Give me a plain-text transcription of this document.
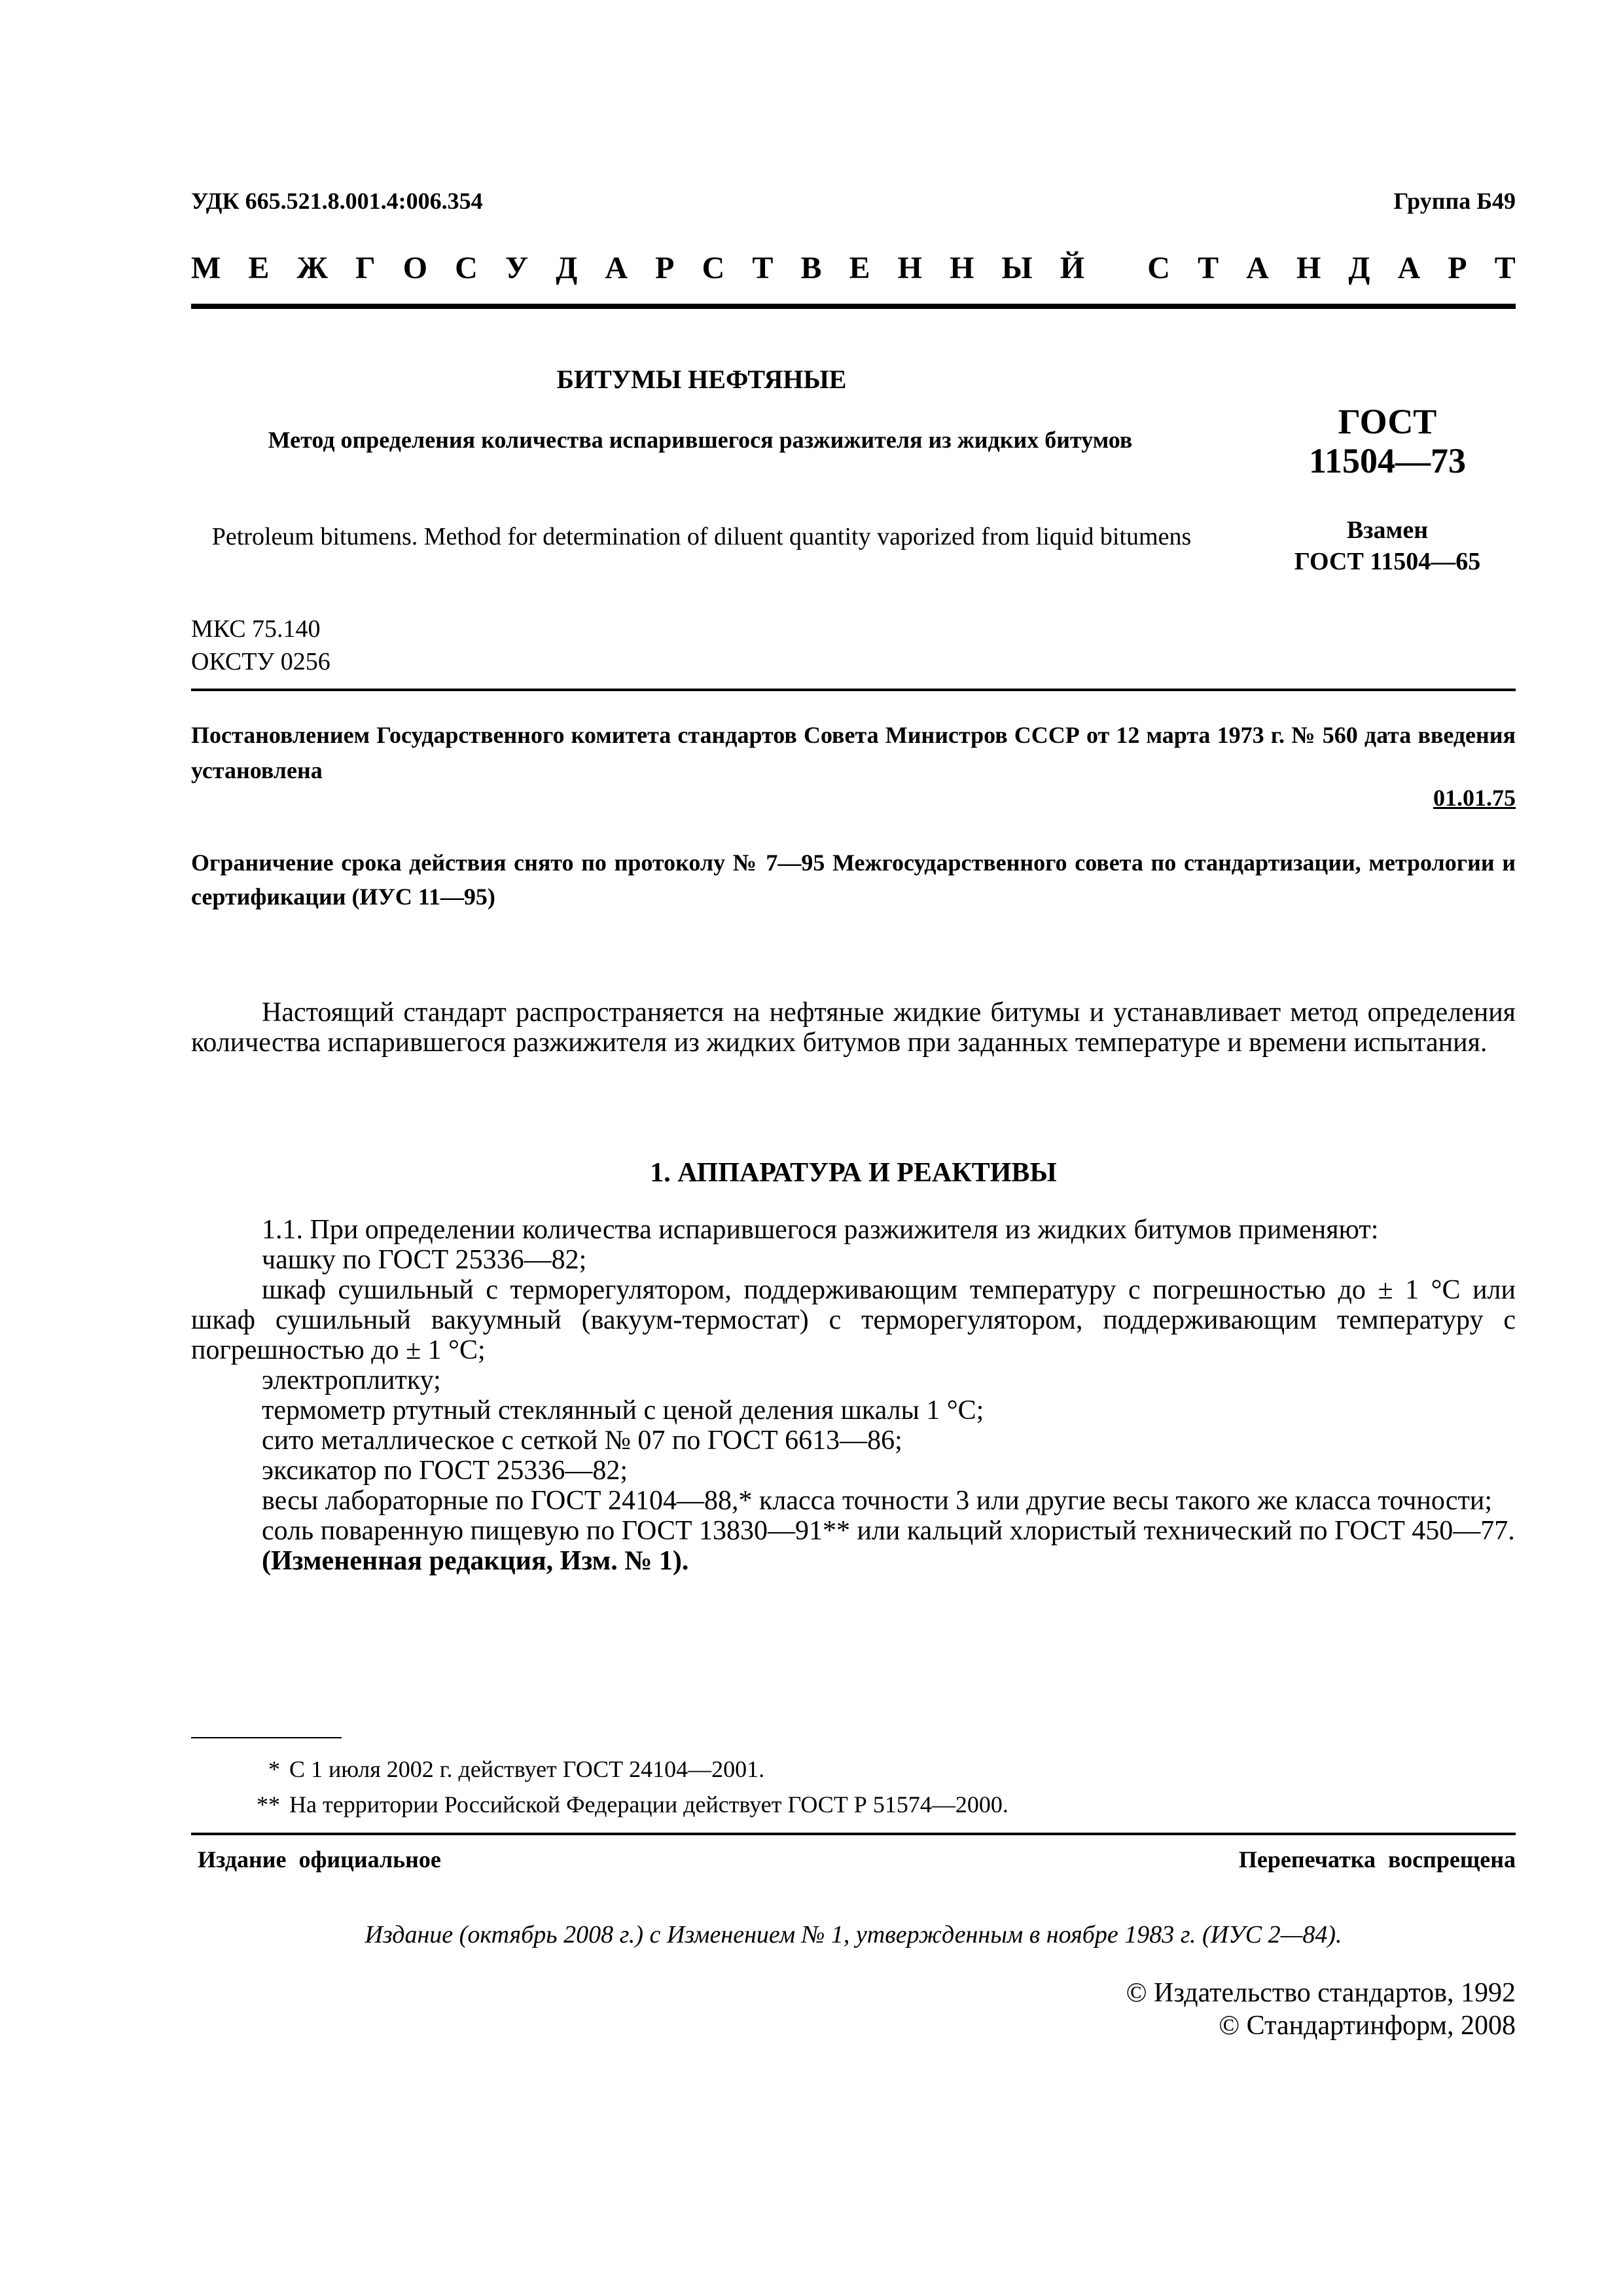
УДК 665.521.8.001.4:006.354	Группа Б49
М Е Ж Г О С У Д А Р С Т В Е Н Н Ы Й
С Т А Н Д А Р Т
БИТУМЫ НЕФТЯНЫЕ
Метод определения количества испарившегося разжижителя из жидких битумов
Petroleum bitumens. Method for determination of diluent quantity vaporized from liquid bitumens
ГОСТ
11504—73
Взамен
ГОСТ 11504—65
МКС 75.140
ОКСТУ 0256
Постановлением Государственного комитета стандартов Совета Министров СССР от 12 марта 1973 г. № 560 дата введения установлена
01.01.75
Ограничение срока действия снято по протоколу № 7—95 Межгосударственного совета по стандартизации, метрологии и сертификации (ИУС 11—95)
Настоящий стандарт распространяется на нефтяные жидкие битумы и устанавливает метод определения количества испарившегося разжижителя из жидких битумов при заданных температуре и времени испытания.
1. АППАРАТУРА И РЕАКТИВЫ

1.1. При определении количества испарившегося разжижителя из жидких битумов применяют:

чашку по ГОСТ 25336—82;

шкаф сушильный с терморегулятором, поддерживающим температуру с погрешностью до ± 1 °С или шкаф сушильный вакуумный (вакуум-термостат) с терморегулятором, поддерживающим температуру с погрешностью до ± 1 °С;

электроплитку;

термометр ртутный стеклянный с ценой деления шкалы 1 °С;

сито металлическое с сеткой № 07 по ГОСТ 6613—86;

эксикатор по ГОСТ 25336—82;

весы лабораторные по ГОСТ 24104—88,* класса точности 3 или другие весы такого же класса точности;

соль поваренную пищевую по ГОСТ 13830—91** или кальций хлористый технический по ГОСТ 450—77.

(Измененная редакция, Изм. № 1).

* С 1 июля 2002 г. действует ГОСТ 24104—2001.

** На территории Российской Федерации действует ГОСТ Р 51574—2000.

Издание официальное	Перепечатка воспрещена
Издание (октябрь 2008 г.) с Изменением № 1, утвержденным в ноябре 1983 г. (ИУС 2—84).
© Издательство стандартов, 1992
© Стандартинформ, 2008
